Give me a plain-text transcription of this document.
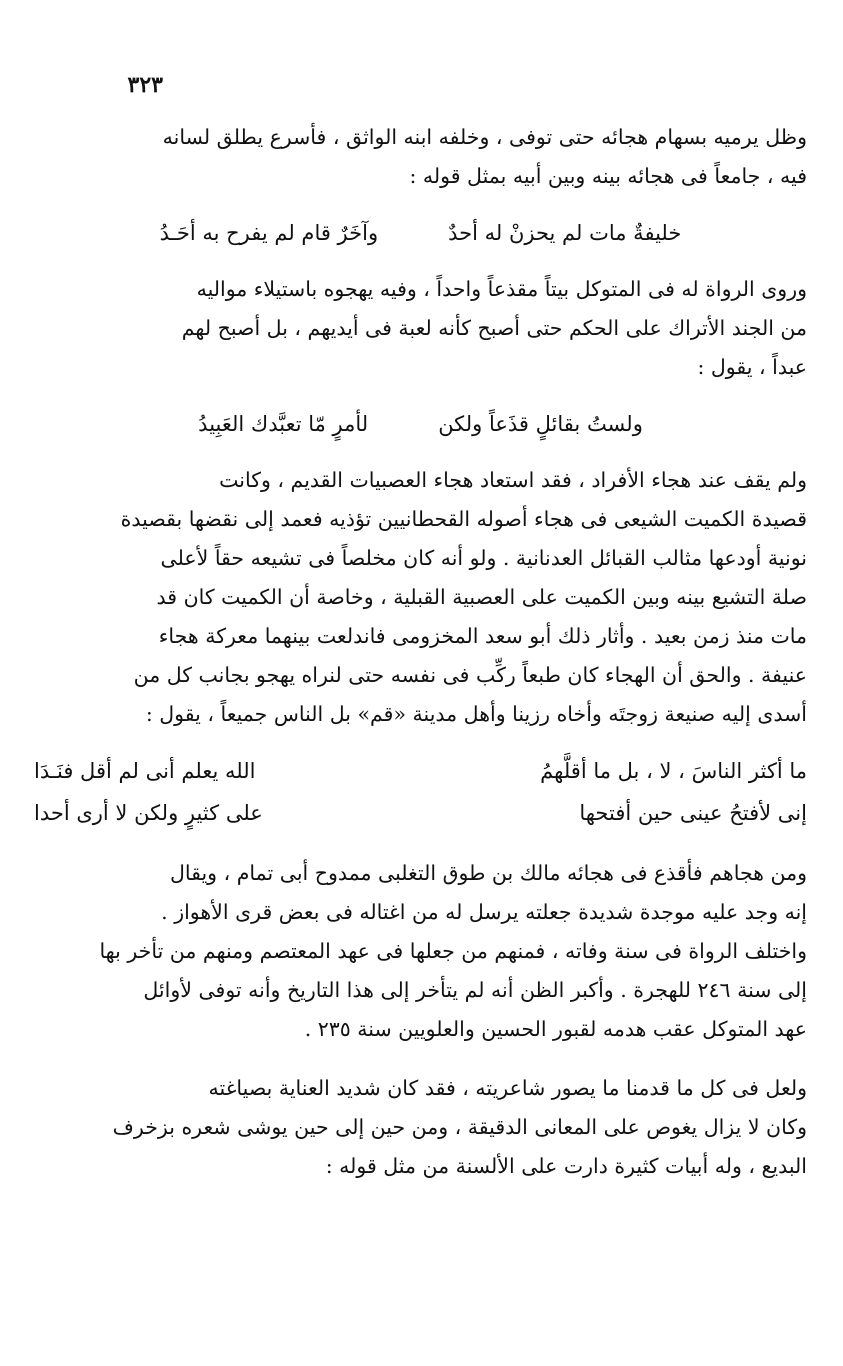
٣٢٣
وظل يرميه بسهام هجائه حتى توفى ، وخلفه ابنه الواثق ، فأسرع يطلق لسانه
فيه ، جامعاً فى هجائه بينه وبين أبيه بمثل قوله :
خليفةٌ مات لم يحزنْ له أحدٌ
وآخَرٌ قام لم يفرح به أحَـدُ
وروى الرواة له فى المتوكل بيتاً مقذعاً واحداً ، وفيه يهجوه باستيلاء مواليه
من الجند الأتراك على الحكم حتى أصبح كأنه لعبة فى أيديهم ، بل أصبح لهم
عبداً ، يقول :
ولستُ بقائلٍ قذَعاً ولكن
لأمرٍ مّا تعبَّدك العَبِيدُ
ولم يقف عند هجاء الأفراد ، فقد استعاد هجاء العصبيات القديم ، وكانت
قصيدة الكميت الشيعى فى هجاء أصوله القحطانيين تؤذيه فعمد إلى نقضها بقصيدة
نونية أودعها مثالب القبائل العدنانية . ولو أنه كان مخلصاً فى تشيعه حقاً لأعلى
صلة التشيع بينه وبين الكميت على العصبية القبلية ، وخاصة أن الكميت كان قد
مات منذ زمن بعيد . وأثار ذلك أبو سعد المخزومى فاندلعت بينهما معركة هجاء
عنيفة . والحق أن الهجاء كان طبعاً ركِّب فى نفسه حتى لنراه يهجو بجانب كل من
أسدى إليه صنيعة زوجتَه وأخاه رزينا وأهل مدينة «قم» بل الناس جميعاً ، يقول :
ما أكثر الناسَ ، لا ، بل ما أقلَّهمُ
الله يعلم أنى لم أقل فنَـدَا
إنى لأفتحُ عينى حين أفتحها
على كثيرٍ ولكن لا أرى أحدا
ومن هجاهم فأقذع فى هجائه مالك بن طوق التغلبى ممدوح أبى تمام ، ويقال
إنه وجد عليه موجدة شديدة جعلته يرسل له من اغتاله فى بعض قرى الأهواز .
واختلف الرواة فى سنة وفاته ، فمنهم من جعلها فى عهد المعتصم ومنهم من تأخر بها
إلى سنة ٢٤٦ للهجرة . وأكبر الظن أنه لم يتأخر إلى هذا التاريخ وأنه توفى لأوائل
عهد المتوكل عقب هدمه لقبور الحسين والعلويين سنة ٢٣٥ .
ولعل فى كل ما قدمنا ما يصور شاعريته ، فقد كان شديد العناية بصياغته
وكان لا يزال يغوص على المعانى الدقيقة ، ومن حين إلى حين يوشى شعره بزخرف
البديع ، وله أبيات كثيرة دارت على الألسنة من مثل قوله :
